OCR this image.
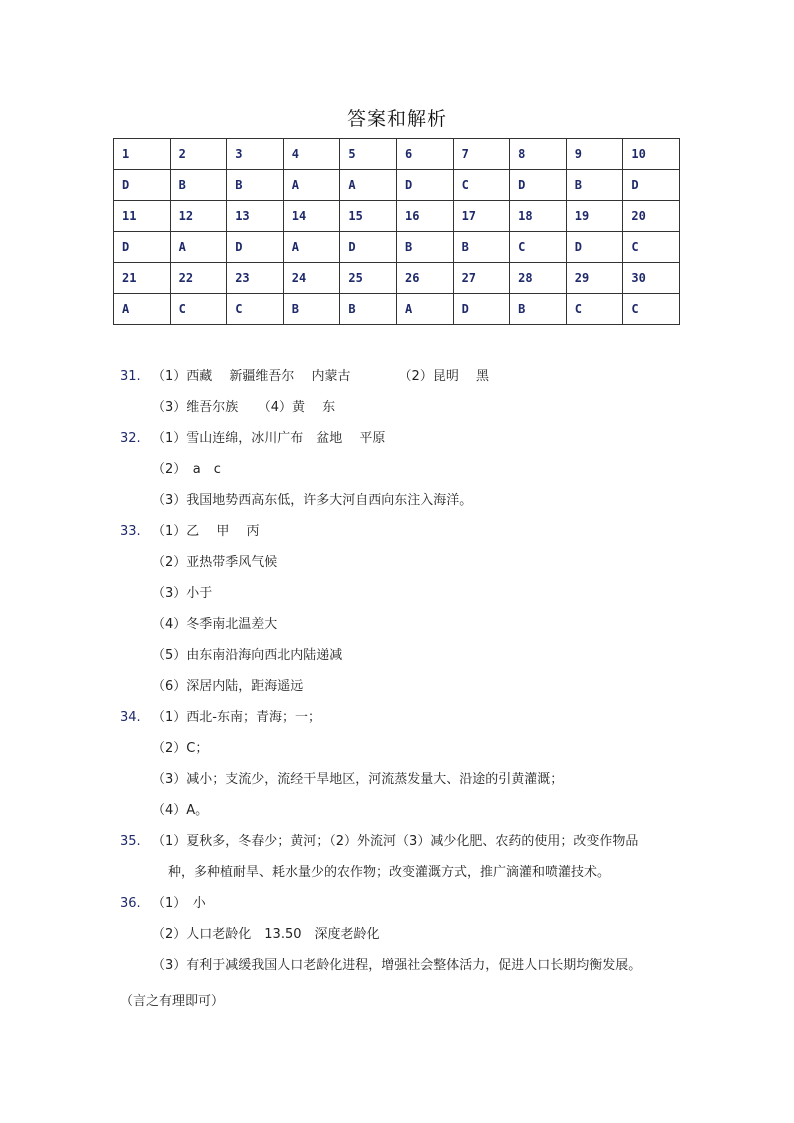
答案和解析
1	2	3	4	5	6	7	8	9	10
D	B	B	A	A	D	C	D	B	D
11	12	13	14	15	16	17	18	19	20
D	A	D	A	D	B	B	C	D	C
21	22	23	24	25	26	27	28	29	30
A	C	C	B	B	A	D	B	C	C
31. （1）西藏　 新疆维吾尔　 内蒙古	（2）昆明　 黑
（3）维吾尔族　　（4）黄　 东
32. （1）雪山连绵，冰川广布　盆地　 平原
（2）　a　c
（3）我国地势西高东低，许多大河自西向东注入海洋。
33. （1）乙　 甲　 丙
（2）亚热带季风气候
（3）小于
（4）冬季南北温差大
（5）由东南沿海向西北内陆递减
（6）深居内陆，距海遥远
34. （1）西北-东南；青海；一；
（2）C；
（3）减小；支流少，流经干旱地区，河流蒸发量大、沿途的引黄灌溉；
（4）A。
35. （1）夏秋多，冬春少；黄河；（2）外流河（3）减少化肥、农药的使用；改变作物品
种，多种植耐旱、耗水量少的农作物；改变灌溉方式，推广滴灌和喷灌技术。
36. （1）　小
（2）人口老龄化　13.50　深度老龄化
（3）有利于减缓我国人口老龄化进程，增强社会整体活力，促进人口长期均衡发展。
（言之有理即可）
